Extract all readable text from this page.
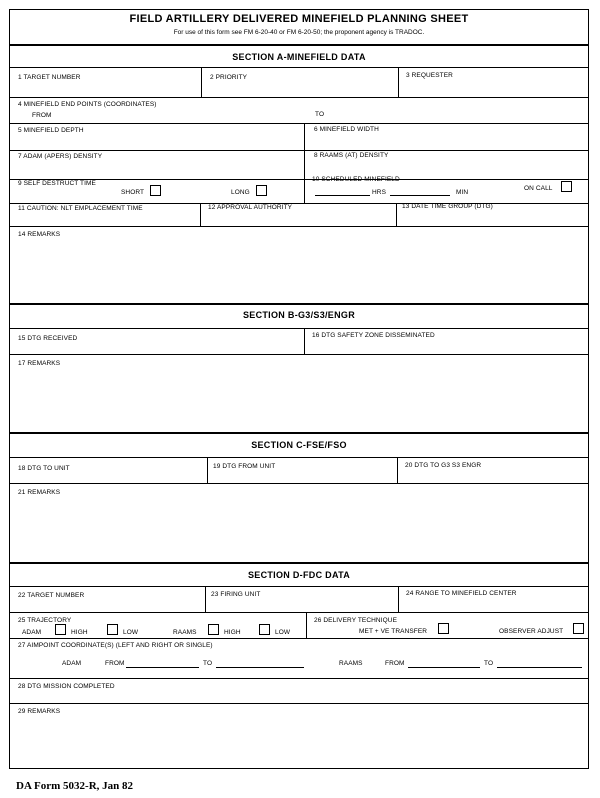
FIELD ARTILLERY DELIVERED MINEFIELD PLANNING SHEET
For use of this form see FM 6-20-40 or FM 6-20-50; the proponent agency is TRADOC.
SECTION A-MINEFIELD DATA
1 TARGET NUMBER	2 PRIORITY	3 REQUESTER
4 MINEFIELD END POINTS (COORDINATES)
FROM	TO
5 MINEFIELD DEPTH	6 MINEFIELD WIDTH
7 ADAM (APERS) DENSITY	8 RAAMS (AT) DENSITY
9 SELF DESTRUCT TIME
SHORT	LONG
10 SCHEDULED MINEFIELD
HRS	MIN
ON CALL
11 CAUTION: NLT EMPLACEMENT TIME	12 APPROVAL AUTHORITY	13 DATE TIME GROUP (DTG)
14 REMARKS
SECTION B-G3/S3/ENGR
15 DTG RECEIVED	16 DTG SAFETY ZONE DISSEMINATED
17 REMARKS
SECTION C-FSE/FSO
18 DTG TO UNIT	19 DTG FROM UNIT	20 DTG TO G3 S3 ENGR
21 REMARKS
SECTION D-FDC DATA
22 TARGET NUMBER	23 FIRING UNIT	24 RANGE TO MINEFIELD CENTER
25 TRAJECTORY
ADAM	HIGH	LOW	RAAMS	HIGH	LOW
26 DELIVERY TECHNIQUE
MET + VE TRANSFER	OBSERVER ADJUST
27 AIMPOINT COORDINATE(S) (LEFT AND RIGHT OR SINGLE)
ADAM	FROM	TO	RAAMS	FROM	TO
28 DTG MISSION COMPLETED
29 REMARKS
DA Form 5032-R, Jan 82
